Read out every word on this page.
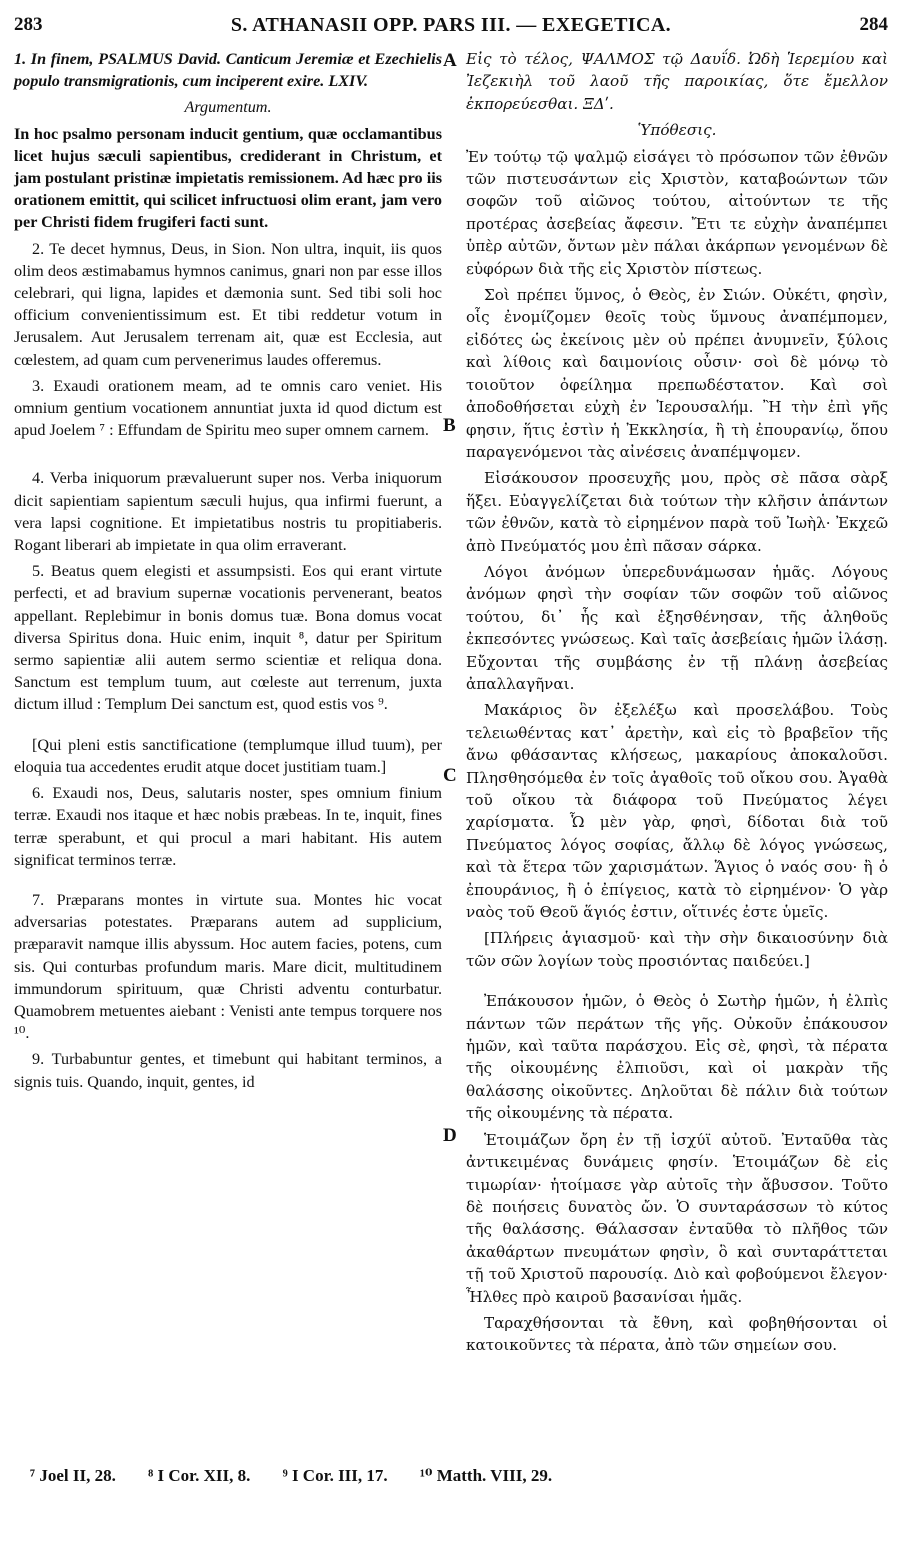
283	S. ATHANASII OPP. PARS III. — EXEGETICA.	284

1. In finem, PSALMUS David. Canticum Jeremiæ et Ezechielis populo transmigrationis, cum inciperent exire. LXIV.

Argumentum.

In hoc psalmo personam inducit gentium, quæ occlamantibus licet hujus sæculi sapientibus, crediderant in Christum, et jam postulant pristinæ impietatis remissionem. Ad hæc pro iis orationem emittit, qui scilicet infructuosi olim erant, jam vero per Christi fidem frugiferi facti sunt.

2. Te decet hymnus, Deus, in Sion. Non ultra, inquit, iis quos olim deos æstimabamus hymnos canimus, gnari non par esse illos celebrari, qui ligna, lapides et dæmonia sunt. Sed tibi soli hoc officium convenientissimum est. Et tibi reddetur votum in Jerusalem. Aut Jerusalem terrenam ait, quæ est Ecclesia, aut cœlestem, ad quam cum pervenerimus laudes offeremus.

3. Exaudi orationem meam, ad te omnis caro veniet. His omnium gentium vocationem annuntiat juxta id quod dictum est apud Joelem ⁷ : Effundam de Spiritu meo super omnem carnem.

4. Verba iniquorum prævaluerunt super nos. Verba iniquorum dicit sapientiam sapientum sæculi hujus, qua infirmi fuerunt, a vera lapsi cognitione. Et impietatibus nostris tu propitiaberis. Rogant liberari ab impietate in qua olim erraverant.

5. Beatus quem elegisti et assumpsisti. Eos qui erant virtute perfecti, et ad bravium supernæ vocationis pervenerant, beatos appellant. Replebimur in bonis domus tuæ. Bona domus vocat diversa Spiritus dona. Huic enim, inquit ⁸, datur per Spiritum sermo sapientiæ alii autem sermo scientiæ et reliqua dona. Sanctum est templum tuum, aut cœleste aut terrenum, juxta dictum illud : Templum Dei sanctum est, quod estis vos ⁹.

[Qui pleni estis sanctificatione (templumque illud tuum), per eloquia tua accedentes erudit atque docet justitiam tuam.]

6. Exaudi nos, Deus, salutaris noster, spes omnium finium terræ. Exaudi nos itaque et hæc nobis præbeas. In te, inquit, fines terræ sperabunt, et qui procul a mari habitant. His autem significat terminos terræ.

7. Præparans montes in virtute sua. Montes hic vocat adversarias potestates. Præparans autem ad supplicium, præparavit namque illis abyssum. Hoc autem facies, potens, cum sis. Qui conturbas profundum maris. Mare dicit, multitudinem immundorum spirituum, quæ Christi adventu conturbatur. Quamobrem metuentes aiebant : Venisti ante tempus torquere nos ¹⁰.

9. Turbabuntur gentes, et timebunt qui habitant terminos, a signis tuis. Quando, inquit, gentes, id

A
B
C
D

Εἰς τὸ τέλος, ΨΑΛΜΟΣ τῷ Δαυΐδ. Ὠδὴ Ἱερεμίου καὶ Ἰεζεκιὴλ τοῦ λαοῦ τῆς παροικίας, ὅτε ἔμελλον ἐκπορεύεσθαι. ΞΔʹ.

Ὑπόθεσις.

Ἐν τούτῳ τῷ ψαλμῷ εἰσάγει τὸ πρόσωπον τῶν ἐθνῶν τῶν πιστευσάντων εἰς Χριστὸν, καταβοώντων τῶν σοφῶν τοῦ αἰῶνος τούτου, αἰτούντων τε τῆς προτέρας ἀσεβείας ἄφεσιν. Ἔτι τε εὐχὴν ἀναπέμπει ὑπὲρ αὐτῶν, ὄντων μὲν πάλαι ἀκάρπων γενομένων δὲ εὐφόρων διὰ τῆς εἰς Χριστὸν πίστεως.

Σοὶ πρέπει ὕμνος, ὁ Θεὸς, ἐν Σιών. Οὐκέτι, φησὶν, οἷς ἐνομίζομεν θεοῖς τοὺς ὕμνους ἀναπέμπομεν, εἰδότες ὡς ἐκείνοις μὲν οὐ πρέπει ἀνυμνεῖν, ξύλοις καὶ λίθοις καὶ δαιμονίοις οὖσιν· σοὶ δὲ μόνῳ τὸ τοιοῦτον ὀφείλημα πρεπωδέστατον. Καὶ σοὶ ἀποδοθήσεται εὐχὴ ἐν Ἱερουσαλήμ. Ἢ τὴν ἐπὶ γῆς φησιν, ἥτις ἐστὶν ἡ Ἐκκλησία, ἢ τὴ ἐπουρανίῳ, ὅπου παραγενόμενοι τὰς αἰνέσεις ἀναπέμψομεν.

Εἰσάκουσον προσευχῆς μου, πρὸς σὲ πᾶσα σὰρξ ἥξει. Εὐαγγελίζεται διὰ τούτων τὴν κλῆσιν ἁπάντων τῶν ἐθνῶν, κατὰ τὸ εἰρημένον παρὰ τοῦ Ἰωὴλ· Ἐκχεῶ ἀπὸ Πνεύματός μου ἐπὶ πᾶσαν σάρκα.

Λόγοι ἀνόμων ὑπερεδυνάμωσαν ἡμᾶς. Λόγους ἀνόμων φησὶ τὴν σοφίαν τῶν σοφῶν τοῦ αἰῶνος τούτου, δι᾽ ἧς καὶ ἐξησθένησαν, τῆς ἀληθοῦς ἐκπεσόντες γνώσεως. Καὶ ταῖς ἀσεβείαις ἡμῶν ἱλάσῃ. Εὔχονται τῆς συμβάσης ἐν τῇ πλάνῃ ἀσεβείας ἀπαλλαγῆναι.

Μακάριος ὃν ἐξελέξω καὶ προσελάβου. Τοὺς τελειωθέντας κατ᾽ ἀρετὴν, καὶ εἰς τὸ βραβεῖον τῆς ἄνω φθάσαντας κλήσεως, μακαρίους ἀποκαλοῦσι. Πλησθησόμεθα ἐν τοῖς ἀγαθοῖς τοῦ οἴκου σου. Ἀγαθὰ τοῦ οἴκου τὰ διάφορα τοῦ Πνεύματος λέγει χαρίσματα. Ὧ μὲν γὰρ, φησὶ, δίδοται διὰ τοῦ Πνεύματος λόγος σοφίας, ἄλλῳ δὲ λόγος γνώσεως, καὶ τὰ ἕτερα τῶν χαρισμάτων. Ἅγιος ὁ ναός σου· ἢ ὁ ἐπουράνιος, ἢ ὁ ἐπίγειος, κατὰ τὸ εἰρημένον· Ὁ γὰρ ναὸς τοῦ Θεοῦ ἅγιός ἐστιν, οἵτινές ἐστε ὑμεῖς.

[Πλήρεις ἁγιασμοῦ· καὶ τὴν σὴν δικαιοσύνην διὰ τῶν σῶν λογίων τοὺς προσιόντας παιδεύει.]

Ἐπάκουσον ἡμῶν, ὁ Θεὸς ὁ Σωτὴρ ἡμῶν, ἡ ἐλπὶς πάντων τῶν περάτων τῆς γῆς. Οὐκοῦν ἐπάκουσον ἡμῶν, καὶ ταῦτα παράσχου. Εἰς σὲ, φησὶ, τὰ πέρατα τῆς οἰκουμένης ἐλπιοῦσι, καὶ οἱ μακρὰν τῆς θαλάσσης οἰκοῦντες. Δηλοῦται δὲ πάλιν διὰ τούτων τῆς οἰκουμένης τὰ πέρατα.

Ἑτοιμάζων ὄρη ἐν τῇ ἰσχύϊ αὐτοῦ. Ἐνταῦθα τὰς ἀντικειμένας δυνάμεις φησίν. Ἑτοιμάζων δὲ εἰς τιμωρίαν· ἡτοίμασε γὰρ αὐτοῖς τὴν ἄβυσσον. Τοῦτο δὲ ποιήσεις δυνατὸς ὤν. Ὁ συνταράσσων τὸ κύτος τῆς θαλάσσης. Θάλασσαν ἐνταῦθα τὸ πλῆθος τῶν ἀκαθάρτων πνευμάτων φησὶν, ὃ καὶ συνταράττεται τῇ τοῦ Χριστοῦ παρουσίᾳ. Διὸ καὶ φοβούμενοι ἔλεγον· Ἦλθες πρὸ καιροῦ βασανίσαι ἡμᾶς.

Ταραχθήσονται τὰ ἔθνη, καὶ φοβηθήσονται οἱ κατοικοῦντες τὰ πέρατα, ἀπὸ τῶν σημείων σου.

⁷ Joel II, 28. ⁸ I Cor. XII, 8. ⁹ I Cor. III, 17. ¹⁰ Matth. VIII, 29.
